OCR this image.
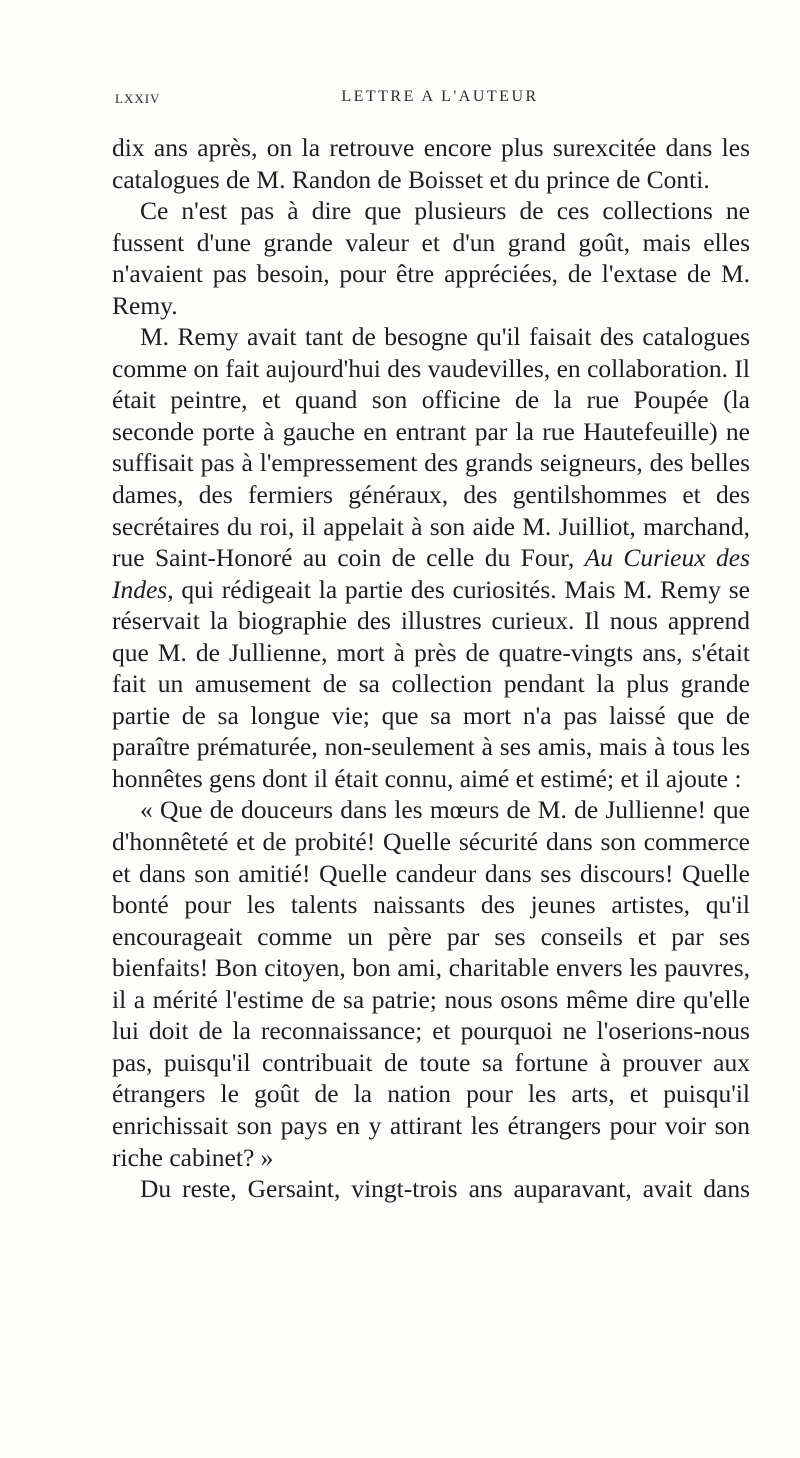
LXXIV	LETTRE A L'AUTEUR

dix ans après, on la retrouve encore plus surexcitée dans les catalogues de M. Randon de Boisset et du prince de Conti.

Ce n'est pas à dire que plusieurs de ces collections ne fussent d'une grande valeur et d'un grand goût, mais elles n'avaient pas besoin, pour être appréciées, de l'extase de M. Remy.

M. Remy avait tant de besogne qu'il faisait des catalogues comme on fait aujourd'hui des vaudevilles, en collaboration. Il était peintre, et quand son officine de la rue Poupée (la seconde porte à gauche en entrant par la rue Hautefeuille) ne suffisait pas à l'empressement des grands seigneurs, des belles dames, des fermiers généraux, des gentilshommes et des secrétaires du roi, il appelait à son aide M. Juilliot, marchand, rue Saint-Honoré au coin de celle du Four, Au Curieux des Indes, qui rédigeait la partie des curiosités. Mais M. Remy se réservait la biographie des illustres curieux. Il nous apprend que M. de Jullienne, mort à près de quatre-vingts ans, s'était fait un amusement de sa collection pendant la plus grande partie de sa longue vie; que sa mort n'a pas laissé que de paraître prématurée, non-seulement à ses amis, mais à tous les honnêtes gens dont il était connu, aimé et estimé; et il ajoute :

« Que de douceurs dans les mœurs de M. de Jullienne! que d'honnêteté et de probité! Quelle sécurité dans son commerce et dans son amitié! Quelle candeur dans ses discours! Quelle bonté pour les talents naissants des jeunes artistes, qu'il encourageait comme un père par ses conseils et par ses bienfaits! Bon citoyen, bon ami, charitable envers les pauvres, il a mérité l'estime de sa patrie; nous osons même dire qu'elle lui doit de la reconnaissance; et pourquoi ne l'oserions-nous pas, puisqu'il contribuait de toute sa fortune à prouver aux étrangers le goût de la nation pour les arts, et puisqu'il enrichissait son pays en y attirant les étrangers pour voir son riche cabinet? »

Du reste, Gersaint, vingt-trois ans auparavant, avait dans
